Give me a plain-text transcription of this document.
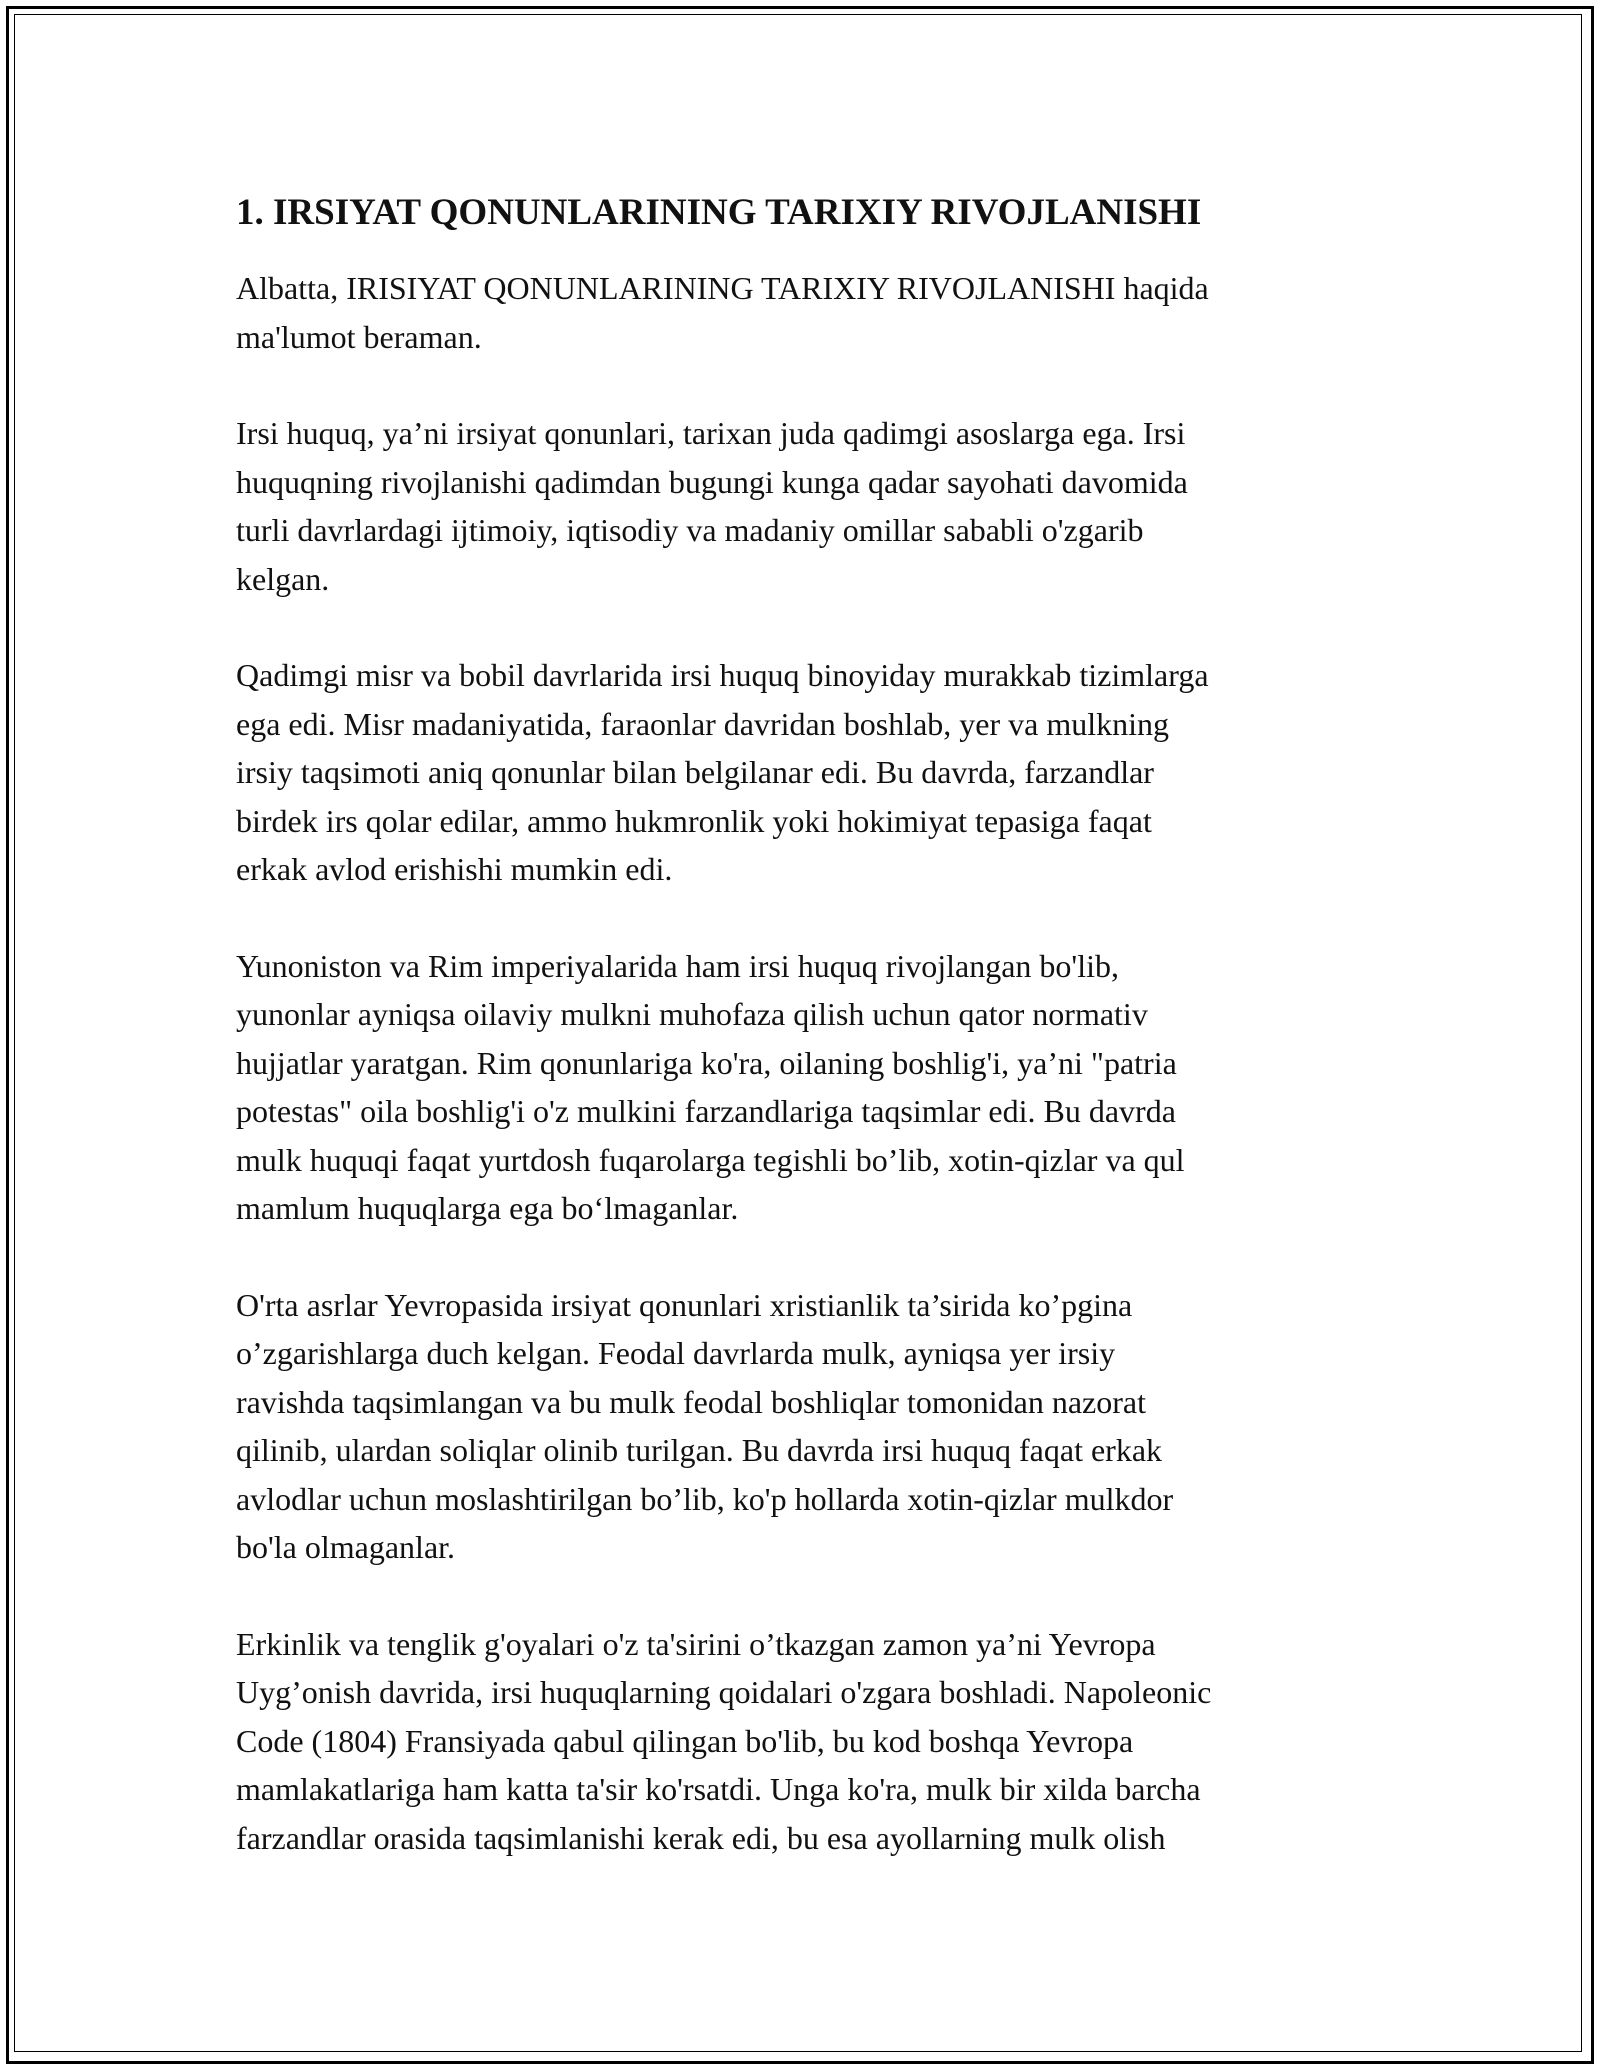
1. IRSIYAT QONUNLARINING TARIXIY RIVOJLANISHI

Albatta, IRISIYAT QONUNLARINING TARIXIY RIVOJLANISHI haqida
ma'lumot beraman.

Irsi huquq, ya’ni irsiyat qonunlari, tarixan juda qadimgi asoslarga ega. Irsi
huquqning rivojlanishi qadimdan bugungi kunga qadar sayohati davomida
turli davrlardagi ijtimoiy, iqtisodiy va madaniy omillar sababli o'zgarib
kelgan.

Qadimgi misr va bobil davrlarida irsi huquq binoyiday murakkab tizimlarga
ega edi. Misr madaniyatida, faraonlar davridan boshlab, yer va mulkning
irsiy taqsimoti aniq qonunlar bilan belgilanar edi. Bu davrda, farzandlar
birdek irs qolar edilar, ammo hukmronlik yoki hokimiyat tepasiga faqat
erkak avlod erishishi mumkin edi.

Yunoniston va Rim imperiyalarida ham irsi huquq rivojlangan bo'lib,
yunonlar ayniqsa oilaviy mulkni muhofaza qilish uchun qator normativ
hujjatlar yaratgan. Rim qonunlariga ko'ra, oilaning boshlig'i, ya’ni "patria
potestas" oila boshlig'i o'z mulkini farzandlariga taqsimlar edi. Bu davrda
mulk huquqi faqat yurtdosh fuqarolarga tegishli bo’lib, xotin-qizlar va qul
mamlum huquqlarga ega bo‘lmaganlar.

O'rta asrlar Yevropasida irsiyat qonunlari xristianlik ta’sirida ko’pgina
o’zgarishlarga duch kelgan. Feodal davrlarda mulk, ayniqsa yer irsiy
ravishda taqsimlangan va bu mulk feodal boshliqlar tomonidan nazorat
qilinib, ulardan soliqlar olinib turilgan. Bu davrda irsi huquq faqat erkak
avlodlar uchun moslashtirilgan bo’lib, ko'p hollarda xotin-qizlar mulkdor
bo'la olmaganlar.

Erkinlik va tenglik g'oyalari o'z ta'sirini o’tkazgan zamon ya’ni Yevropa
Uyg’onish davrida, irsi huquqlarning qoidalari o'zgara boshladi. Napoleonic
Code (1804) Fransiyada qabul qilingan bo'lib, bu kod boshqa Yevropa
mamlakatlariga ham katta ta'sir ko'rsatdi. Unga ko'ra, mulk bir xilda barcha
farzandlar orasida taqsimlanishi kerak edi, bu esa ayollarning mulk olish
